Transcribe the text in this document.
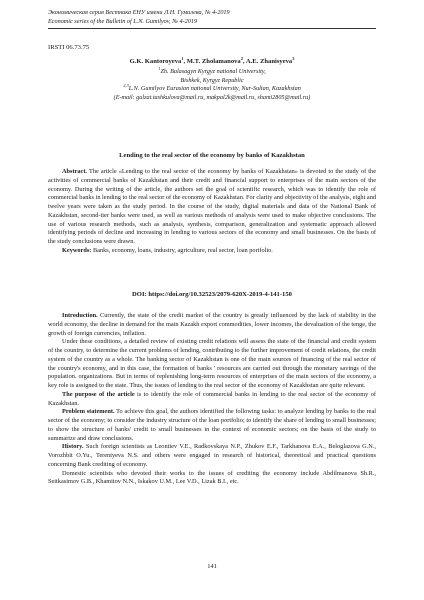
Экономическая серия Вестника ЕНУ имени Л.Н. Гумилева, № 4-2019
Economic series of the Bulletin of L.N. Gumilyov, № 4-2019
IRSTI 06.73.75
G.K. Kantoroyeva$^1$, M.T. Zholamanova$^2$, A.E. Zhanisyeva$^3$
$^1$Zh. Balasagyn Kyrgyz national University,
Bishkek, Kyrgyz Republic
$^{2,3}$L.N. Gumilyov Eurasian national University, Nur-Sultan, Kazakhstan
(E-mail: gulzat.tashkulova@mail.ru, makpal2k@mail.ru, shami2805@mail.ru)
Lending to the real sector of the economy by banks of Kazakhstan

Abstract. The article «Lending to the real sector of the economy by banks of Kazakhstan» is devoted to the study of the activities of commercial banks of Kazakhstan and their credit and financial support to enterprises of the main sectors of the economy. During the writing of the article, the authors set the goal of scientific research, which was to identify the role of commercial banks in lending to the real sector of the economy of Kazakhstan. For clarity and objectivity of the analysis, eight and twelve years were taken as the study period. In the course of the study, digital materials and data of the National Bank of Kazakhstan, second-tier banks were used, as well as various methods of analysis were used to make objective conclusions. The use of various research methods, such as analysis, synthesis, comparison, generalization and systematic approach allowed identifying periods of decline and increasing in lending to various sectors of the economy and small businesses. On the basis of the study conclusions were drawn.

Keywords: Banks, economy, loans, industry, agriculture, real sector, loan portfolio.

DOI: https://doi.org/10.32523/2079-620X-2019-4-141-150

Introduction. Currently, the state of the credit market of the country is greatly influenced by the lack of stability in the world economy, the decline in demand for the main Kazakh export commodities, lower incomes, the devaluation of the tenge, the growth of foreign currencies, inflation.

Under these conditions, a detailed review of existing credit relations will assess the state of the financial and credit system of the country, to determine the current problems of lending, contributing to the further improvement of credit relations, the credit system of the country as a whole. The banking sector of Kazakhstan is one of the main sources of financing of the real sector of the country's economy, and in this case, the formation of banks ' resources are carried out through the monetary savings of the population. organizations. But in terms of replenishing long-term resources of enterprises of the main sectors of the economy, a key role is assigned to the state. Thus, the issues of lending to the real sector of the economy of Kazakhstan are quite relevant.

The purpose of the article is to identify the role of commercial banks in lending to the real sector of the economy of Kazakhstan.

Problem statement. To achieve this goal, the authors identified the following tasks: to analyze lending by banks to the real sector of the economy; to consider the industry structure of the loan portfolio; to identify the share of lending to small businesses; to show the structure of banks' credit to small businesses in the context of economic sectors; on the basis of the study to summarize and draw conclusions.

History. Such foreign scientists as Leontiev V.E., Radkovskaya N.P., Zhukov E.F., Tarkhanova E.A., Beloglazova G.N., Vorozhbit O.Yu., Terentyeva N.S. and others were engaged in research of historical, theoretical and practical questions concerning Bank crediting of economy.

Domestic scientists who devoted their works to the issues of crediting the economy include Abdilmanova Sh.R., Seitkasimov G.B., Khamitov N.N., Iskakov U.M., Lee V.D., Lizak B.I., etc.

141
